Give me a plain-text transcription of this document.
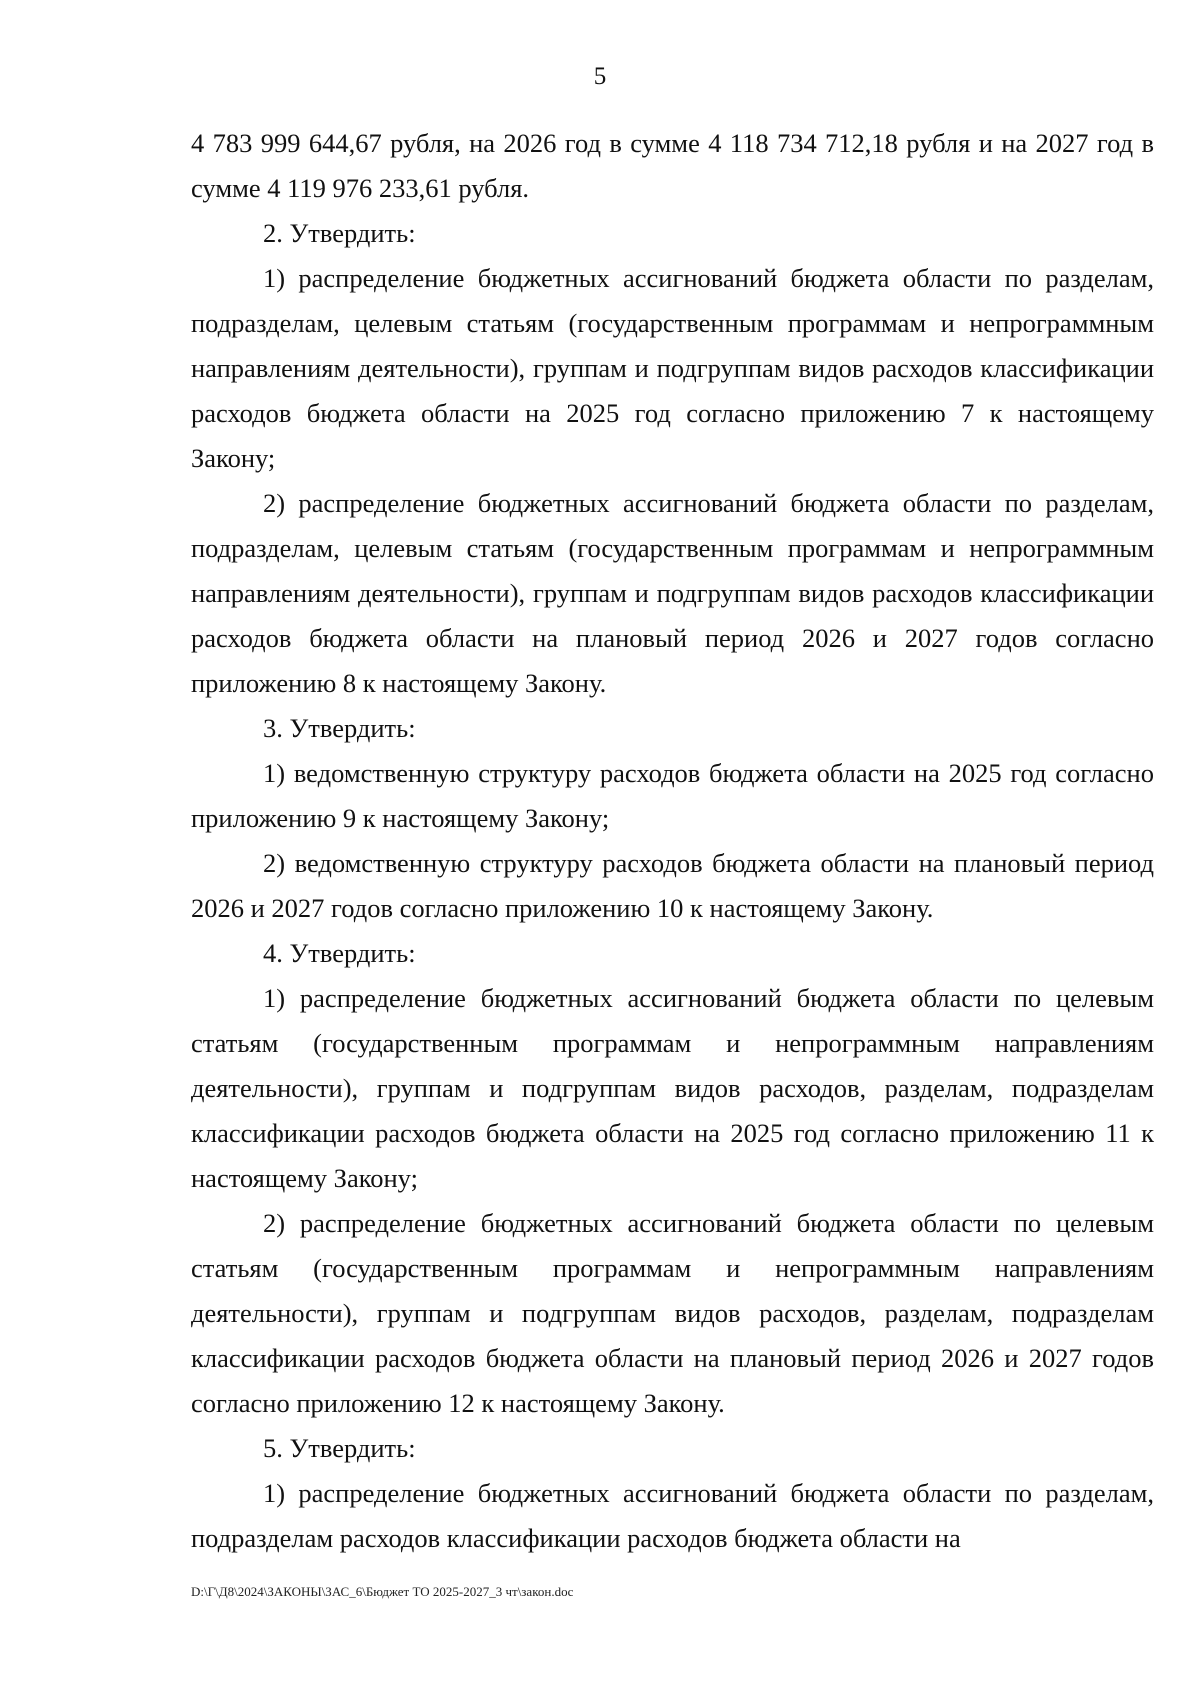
5

4 783 999 644,67 рубля, на 2026 год в сумме 4 118 734 712,18 рубля и на 2027 год в сумме 4 119 976 233,61 рубля.

2. Утвердить:

1) распределение бюджетных ассигнований бюджета области по разделам, подразделам, целевым статьям (государственным программам и непрограммным направлениям деятельности), группам и подгруппам видов расходов классификации расходов бюджета области на 2025 год согласно приложению 7 к настоящему Закону;

2) распределение бюджетных ассигнований бюджета области по разделам, подразделам, целевым статьям (государственным программам и непрограммным направлениям деятельности), группам и подгруппам видов расходов классификации расходов бюджета области на плановый период 2026 и 2027 годов согласно приложению 8 к настоящему Закону.

3. Утвердить:

1) ведомственную структуру расходов бюджета области на 2025 год согласно приложению 9 к настоящему Закону;

2) ведомственную структуру расходов бюджета области на плановый период 2026 и 2027 годов согласно приложению 10 к настоящему Закону.

4. Утвердить:

1) распределение бюджетных ассигнований бюджета области по целевым статьям (государственным программам и непрограммным направлениям деятельности), группам и подгруппам видов расходов, разделам, подразделам классификации расходов бюджета области на 2025 год согласно приложению 11 к настоящему Закону;

2) распределение бюджетных ассигнований бюджета области по целевым статьям (государственным программам и непрограммным направлениям деятельности), группам и подгруппам видов расходов, разделам, подразделам классификации расходов бюджета области на плановый период 2026 и 2027 годов согласно приложению 12 к настоящему Закону.

5. Утвердить:

1) распределение бюджетных ассигнований бюджета области по разделам, подразделам расходов классификации расходов бюджета области на

D:\Г\Д8\2024\ЗАКОНЫ\ЗАС_6\Бюджет ТО 2025-2027_3 чт\закон.doc
